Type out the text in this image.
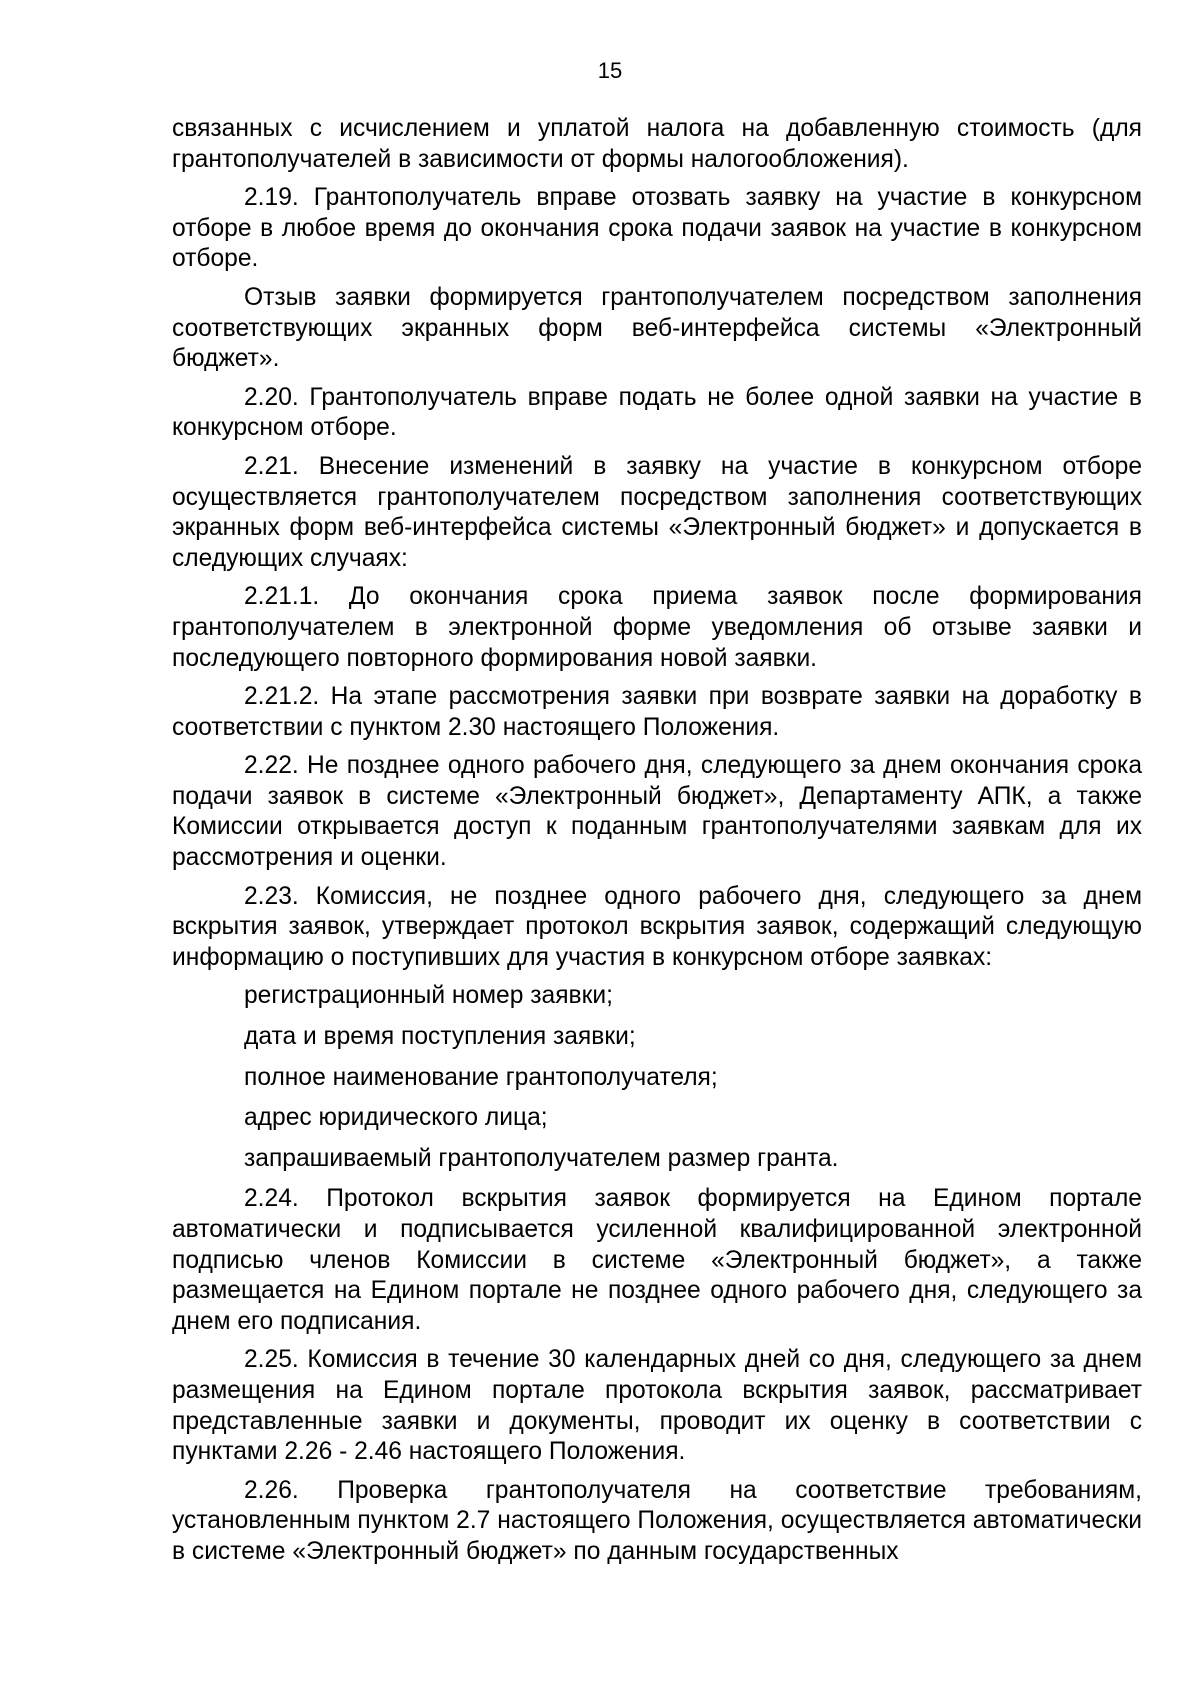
15

связанных с исчислением и уплатой налога на добавленную стоимость (для грантополучателей в зависимости от формы налогообложения).

2.19. Грантополучатель вправе отозвать заявку на участие в конкурсном отборе в любое время до окончания срока подачи заявок на участие в конкурсном отборе.

Отзыв заявки формируется грантополучателем посредством заполнения соответствующих экранных форм веб-интерфейса системы «Электронный бюджет».

2.20. Грантополучатель вправе подать не более одной заявки на участие в конкурсном отборе.

2.21. Внесение изменений в заявку на участие в конкурсном отборе осуществляется грантополучателем посредством заполнения соответствующих экранных форм веб-интерфейса системы «Электронный бюджет» и допускается в следующих случаях:

2.21.1. До окончания срока приема заявок после формирования грантополучателем в электронной форме уведомления об отзыве заявки и последующего повторного формирования новой заявки.

2.21.2. На этапе рассмотрения заявки при возврате заявки на доработку в соответствии с пунктом 2.30 настоящего Положения.

2.22. Не позднее одного рабочего дня, следующего за днем окончания срока подачи заявок в системе «Электронный бюджет», Департаменту АПК, а также Комиссии открывается доступ к поданным грантополучателями заявкам для их рассмотрения и оценки.

2.23. Комиссия, не позднее одного рабочего дня, следующего за днем вскрытия заявок, утверждает протокол вскрытия заявок, содержащий следующую информацию о поступивших для участия в конкурсном отборе заявках:

регистрационный номер заявки;

дата и время поступления заявки;

полное наименование грантополучателя;

адрес юридического лица;

запрашиваемый грантополучателем размер гранта.

2.24. Протокол вскрытия заявок формируется на Едином портале автоматически и подписывается усиленной квалифицированной электронной подписью членов Комиссии в системе «Электронный бюджет», а также размещается на Едином портале не позднее одного рабочего дня, следующего за днем его подписания.

2.25. Комиссия в течение 30 календарных дней со дня, следующего за днем размещения на Едином портале протокола вскрытия заявок, рассматривает представленные заявки и документы, проводит их оценку в соответствии с пунктами 2.26 - 2.46 настоящего Положения.

2.26. Проверка грантополучателя на соответствие требованиям, установленным пунктом 2.7 настоящего Положения, осуществляется автоматически в системе «Электронный бюджет» по данным государственных
